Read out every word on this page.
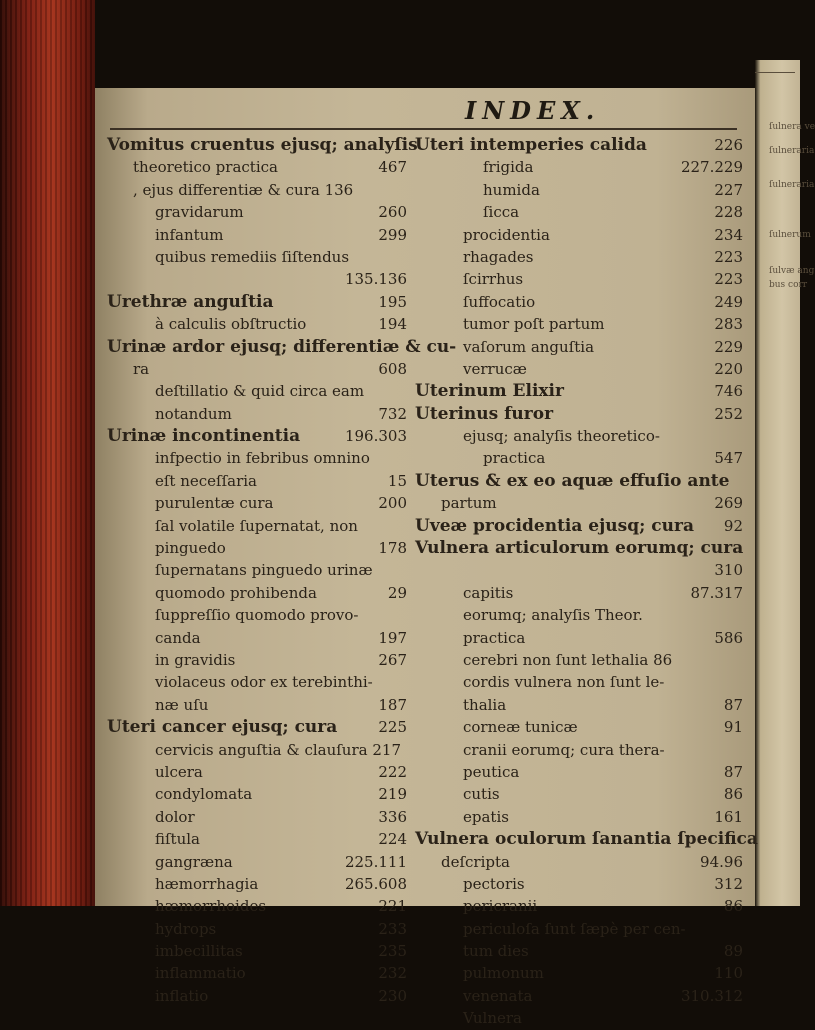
ſulnera ve
ſulneraria
ſulneraria
ſulnerum
ſulvæ ang
bus corr
INDEX.
Vomitus cruentus ejusq; analyſis
theoretico practica	467
, ejus differentiæ & cura 136
gravidarum	260
infantum	299
quibus remediis ſiſtendus
135.136
Urethræ anguſtia	195
à calculis obſtructio	194
Urinæ ardor ejusq; differentiæ & cu-
ra	608
deſtillatio & quid circa eam
notandum	732
Urinæ incontinentia	196.303
infpectio in febribus omnino
eſt neceſſaria	15
purulentæ cura	200
ſal volatile ſupernatat, non
pinguedo	178
ſupernatans pinguedo urinæ
quomodo prohibenda	29
ſuppreſſio quomodo provo-
canda	197
in gravidis	267
violaceus odor ex terebinthi-
næ uſu	187
Uteri cancer ejusq; cura	225
cervicis anguſtia & clauſura 217
ulcera	222
condylomata	219
dolor	336
fiſtula	224
gangræna	225.111
hæmorrhagia	265.608
hæmorrhoides	221
hydrops	233
imbecillitas	235
inflammatio	232
inflatio	230
Uteri intemperies calida	226
frigida	227.229
humida	227
ſicca	228
procidentia	234
rhagades	223
ſcirrhus	223
ſuffocatio	249
tumor poſt partum	283
vaſorum anguſtia	229
verrucæ	220
Uterinum Elixir	746
Uterinus furor	252
ejusq; analyſis theoretico-
practica	547
Uterus & ex eo aquæ effuſio ante
partum	269
Uveæ procidentia ejusq; cura 92
Vulnera articulorum eorumq; cura
310
capitis	87.317
eorumq; analyſis Theor.
practica	586
cerebri non ſunt lethalia 86
cordis vulnera non ſunt le-
thalia	87
corneæ tunicæ	91
cranii eorumq; cura thera-
peutica	87
cutis	86
epatis	161
Vulnera oculorum ſanantia ſpecifica
deſcripta	94.96
pectoris	312
pericranii	86
periculoſa ſunt ſæpè per cen-
tum dies	89
pulmonum	110
venenata	310.312
Vulnera
